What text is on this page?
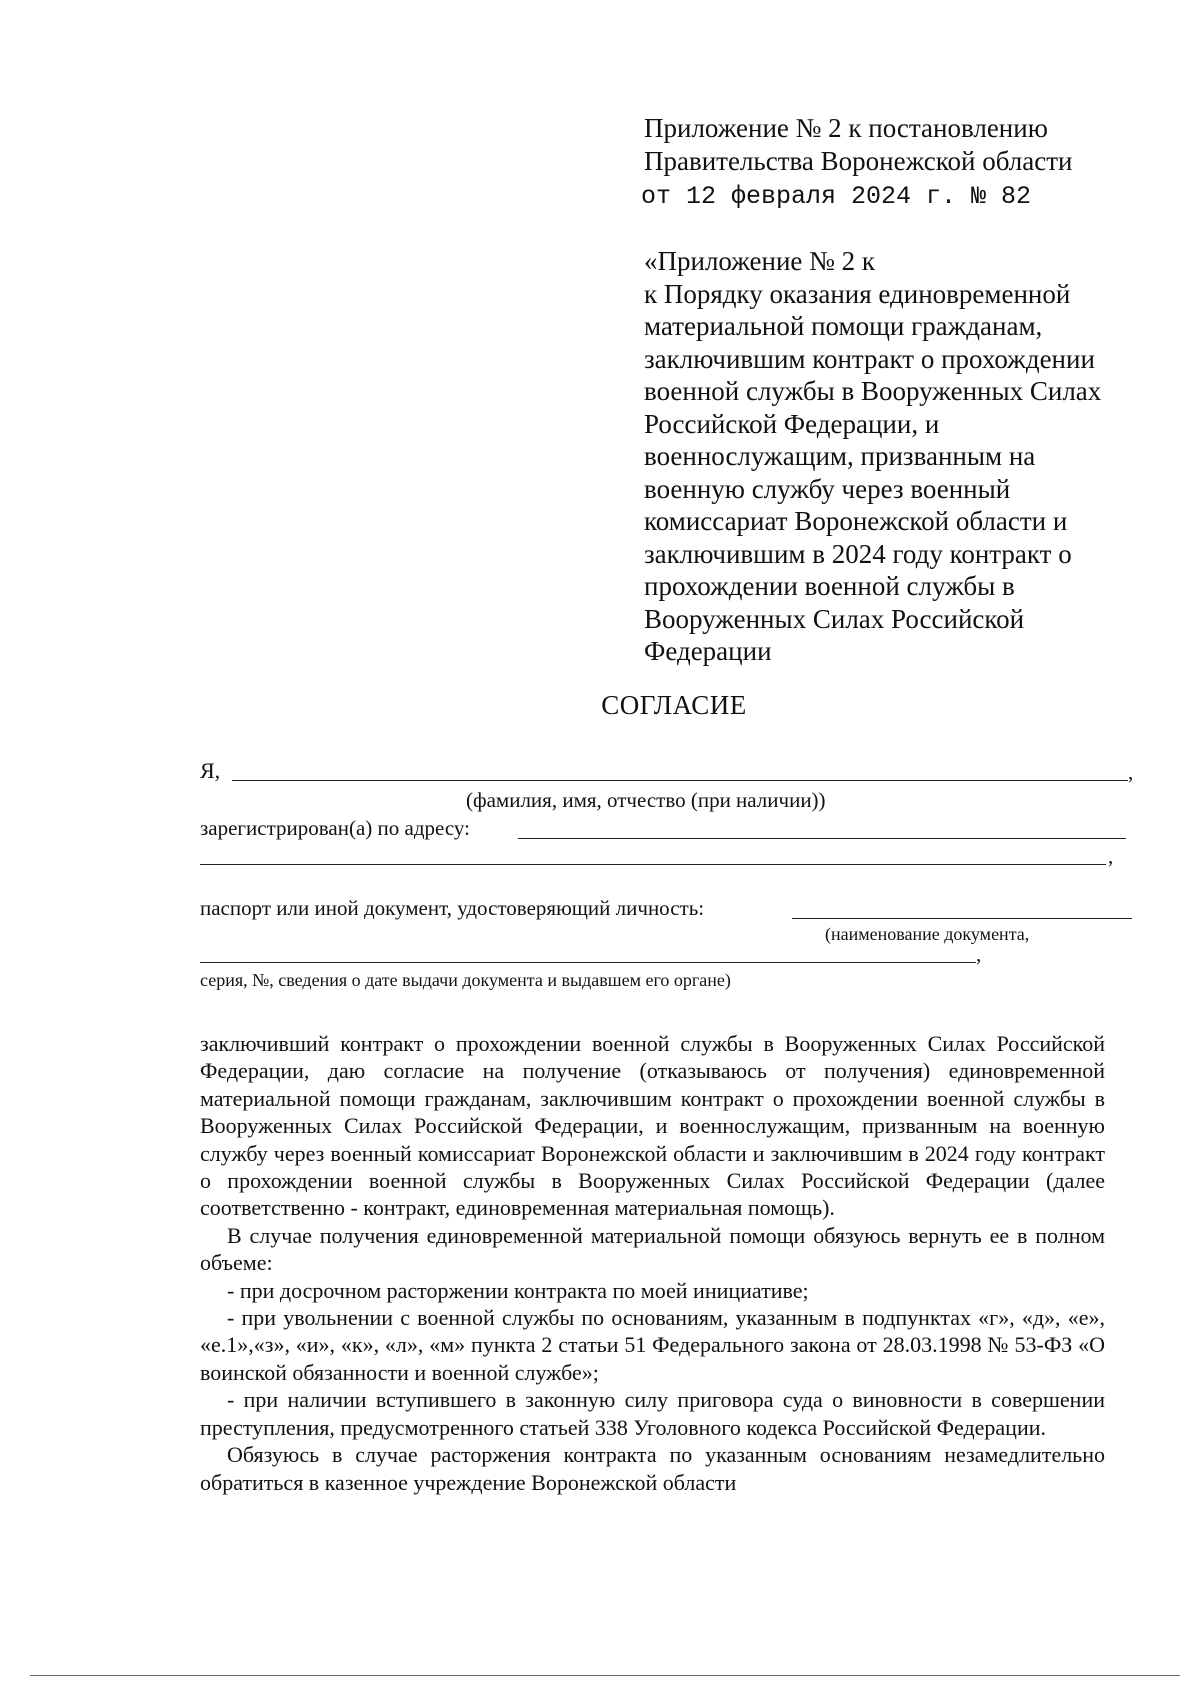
Приложение № 2 к постановлению
Правительства Воронежской области
от 12 февраля 2024 г. № 82
«Приложение № 2 к
к Порядку оказания единовременной
материальной помощи гражданам,
заключившим контракт о прохождении
военной службы в Вооруженных Силах
Российской Федерации, и
военнослужащим, призванным на
военную службу через военный
комиссариат Воронежской области и
заключившим в 2024 году контракт о
прохождении военной службы в
Вооруженных Силах Российской
Федерации
СОГЛАСИЕ
Я,	,
(фамилия, имя, отчество (при наличии))
зарегистрирован(а) по адресу:
,
паспорт или иной документ, удостоверяющий личность:
(наименование документа,
,
серия, №, сведения о дате выдачи документа и выдавшем его органе)

заключивший контракт о прохождении военной службы в Вооруженных Силах Российской Федерации, даю согласие на получение (отказываюсь от получения) единовременной материальной помощи гражданам, заключившим контракт о прохождении военной службы в Вооруженных Силах Российской Федерации, и военнослужащим, призванным на военную службу через военный комиссариат Воронежской области и заключившим в 2024 году контракт о прохождении военной службы в Вооруженных Силах Российской Федерации (далее соответственно - контракт, единовременная материальная помощь).

В случае получения единовременной материальной помощи обязуюсь вернуть ее в полном объеме:

- при досрочном расторжении контракта по моей инициативе;

- при увольнении с военной службы по основаниям, указанным в подпунктах «г», «д», «е», «е.1»,«з», «и», «к», «л», «м» пункта 2 статьи 51 Федерального закона от 28.03.1998 № 53-ФЗ «О воинской обязанности и военной службе»;

- при наличии вступившего в законную силу приговора суда о виновности в совершении преступления, предусмотренного статьей 338 Уголовного кодекса Российской Федерации.

Обязуюсь в случае расторжения контракта по указанным основаниям незамедлительно обратиться в казенное учреждение Воронежской области
